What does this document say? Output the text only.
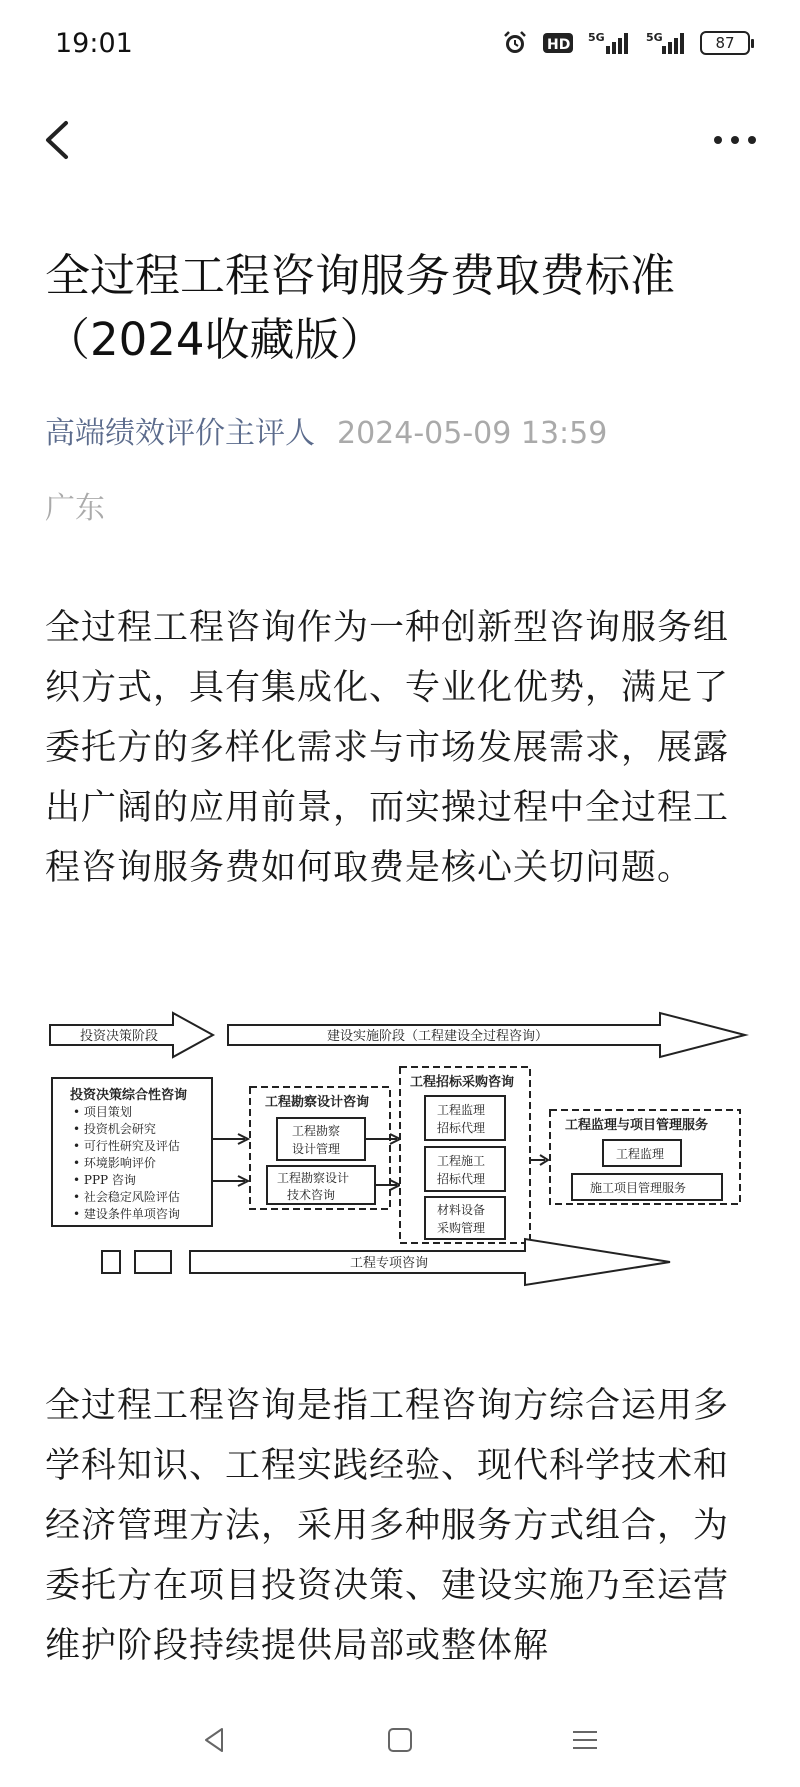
19:01	HD 5G	5G	87
全过程工程咨询服务费取费标准（2024收藏版）
高端绩效评价主评人 2024-05-09 13:59
广东

全过程工程咨询作为一种创新型咨询服务组织方式，具有集成化、专业化优势，满足了委托方的多样化需求与市场发展需求，展露出广阔的应用前景，而实操过程中全过程工程咨询服务费如何取费是核心关切问题。

投资决策阶段	建设实施阶段（工程建设全过程咨询）
投资决策综合性咨询
• 项目策划
• 投资机会研究
• 可行性研究及评估
• 环境影响评价
• PPP 咨询
• 社会稳定风险评估
• 建设条件单项咨询
工程勘察设计咨询
工程勘察
设计管理
工程勘察设计
技术咨询
工程招标采购咨询
工程监理
招标代理
工程施工
招标代理
材料设备
采购管理
工程监理与项目管理服务
工程监理
施工项目管理服务
工程专项咨询

全过程工程咨询是指工程咨询方综合运用多学科知识、工程实践经验、现代科学技术和经济管理方法，采用多种服务方式组合，为委托方在项目投资决策、建设实施乃至运营维护阶段持续提供局部或整体解
